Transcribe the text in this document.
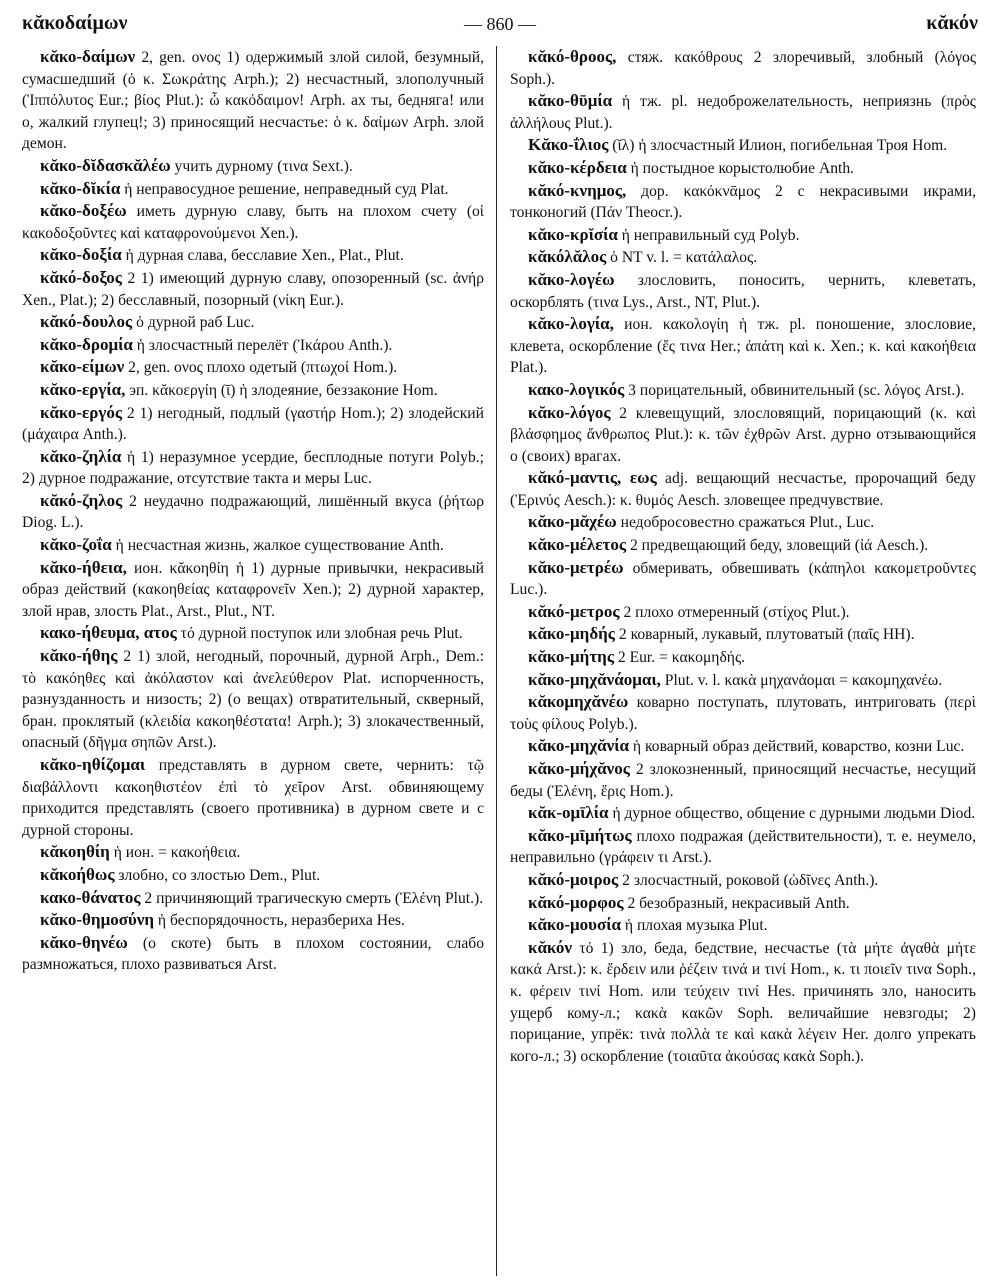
κᾰκοδαίμων	— 860 —	κᾰκόν

κᾰκο-δαίμων 2, gen. ονος 1) одержимый злой силой, безумный, сумасшедший (ὁ κ. Σωκράτης Arph.); 2) несчастный, злополучный (Ἱππόλυτος Eur.; βίος Plut.): ὦ κακόδαιμον! Arph. ах ты, бедняга! или о, жалкий глупец!; 3) приносящий несчастье: ὁ κ. δαίμων Arph. злой демон.

κᾰκο-δῐδασκᾰλέω учить дурному (τινα Sext.).

κᾰκο-δῐκία ἡ неправосудное решение, неправедный суд Plat.

κᾰκο-δοξέω иметь дурную славу, быть на плохом счету (οἱ κακοδοξοῦντες καὶ καταφρονούμενοι Xen.).

κᾰκο-δοξία ἡ дурная слава, бесславие Xen., Plat., Plut.

κᾰκό-δοξος 2 1) имеющий дурную славу, опозоренный (sc. ἀνήρ Xen., Plat.); 2) бесславный, позорный (νίκη Eur.).

κᾰκό-δουλος ὁ дурной раб Luc.

κᾰκο-δρομία ἡ злосчастный перелёт (Ἰκάρου Anth.).

κᾰκο-είμων 2, gen. ονος плохо одетый (πτωχοί Hom.).

κᾰκο-εργία, эп. κᾰκοεργίη (ῑ) ἡ злодеяние, беззаконие Hom.

κᾰκο-εργός 2 1) негодный, подлый (γαστήρ Hom.); 2) злодейский (μάχαιρα Anth.).

κᾰκο-ζηλία ἡ 1) неразумное усердие, бесплодные потуги Polyb.; 2) дурное подражание, отсутствие такта и меры Luc.

κᾰκό-ζηλος 2 неудачно подражающий, лишённый вкуса (ῥήτωρ Diog. L.).

κᾰκο-ζοΐα ἡ несчастная жизнь, жалкое существование Anth.

κᾰκο-ήθεια, ион. κᾰκοηθίη ἡ 1) дурные привычки, некрасивый образ действий (κακοηθείας καταφρονεῖν Xen.); 2) дурной характер, злой нрав, злость Plat., Arst., Plut., NT.

κακο-ήθευμα, ατος τό дурной поступок или злобная речь Plut.

κᾰκο-ήθης 2 1) злой, негодный, порочный, дурной Arph., Dem.: τὸ κακόηθες καὶ ἀκόλαστον καὶ ἀνελεύθερον Plat. испорченность, разнузданность и низость; 2) (о вещах) отвратительный, скверный, бран. проклятый (κλειδία κακοηθέστατα! Arph.); 3) злокачественный, опасный (δῆγμα σηπῶν Arst.).

κᾰκο-ηθίζομαι представлять в дурном свете, чернить: τῷ διαβάλλοντι κακοηθιστέον ἐπὶ τὸ χεῖρον Arst. обвиняющему приходится представлять (своего противника) в дурном свете и с дурной стороны.

κᾰκοηθίη ἡ ион. = κακοήθεια.

κᾰκοήθως злобно, со злостью Dem., Plut.

κακο-θάνατος 2 причиняющий трагическую смерть (Ἑλένη Plut.).

κᾰκο-θημοσύνη ἡ беспорядочность, неразбериха Hes.

κᾰκο-θηνέω (о скоте) быть в плохом состоянии, слабо размножаться, плохо развиваться Arst.

κᾰκό-θροος, стяж. κακόθρους 2 злоречивый, злобный (λόγος Soph.).

κᾰκο-θῡμία ἡ тж. pl. недоброжелательность, неприязнь (πρὸς ἀλλήλους Plut.).

Κᾰκο-ΐλιος (ῐλ) ἡ злосчастный Илион, погибельная Троя Hom.

κᾰκο-κέρδεια ἡ постыдное корыстолюбие Anth.

κᾰκό-κνημος, дор. κακόκνᾱμος 2 с некрасивыми икрами, тонконогий (Πάν Theocr.).

κᾰκο-κρῐσία ἡ неправильный суд Polyb.

κᾰκόλᾰλος ὁ NT v. l. = κατάλαλος.

κᾰκο-λογέω злословить, поносить, чернить, клеветать, оскорблять (τινα Lys., Arst., NT, Plut.).

κᾰκο-λογία, ион. κακολογίη ἡ тж. pl. поношение, злословие, клевета, оскорбление (ἔς τινα Her.; ἀπάτη καὶ κ. Xen.; κ. καὶ κακοήθεια Plat.).

κακο-λογικός 3 порицательный, обвинительный (sc. λόγος Arst.).

κᾰκο-λόγος 2 клевещущий, злословящий, порицающий (κ. καὶ βλάσφημος ἄνθρωπος Plut.): κ. τῶν ἐχθρῶν Arst. дурно отзывающийся о (своих) врагах.

κᾰκό-μαντις, εως adj. вещающий несчастье, пророчащий беду (Ἐρινύς Aesch.): κ. θυμός Aesch. зловещее предчувствие.

κᾰκο-μᾰχέω недобросовестно сражаться Plut., Luc.

κᾰκο-μέλετος 2 предвещающий беду, зловещий (ἰά Aesch.).

κᾰκο-μετρέω обмеривать, обвешивать (κάπηλοι κακομετροῦντες Luc.).

κᾰκό-μετρος 2 плохо отмеренный (στίχος Plut.).

κᾰκο-μηδής 2 коварный, лукавый, плутоватый (παῖς HH).

κᾰκο-μήτης 2 Eur. = κακομηδής.

κᾰκο-μηχᾰνάομαι, Plut. v. l. κακὰ μηχανάομαι = κακομηχανέω.

κᾰκομηχᾰνέω коварно поступать, плутовать, интриговать (περὶ τοὺς φίλους Polyb.).

κᾰκο-μηχᾰνία ἡ коварный образ действий, коварство, козни Luc.

κᾰκο-μήχᾰνος 2 злокозненный, приносящий несчастье, несущий беды (Ἑλένη, ἔρις Hom.).

κᾰκ-ομῑλία ἡ дурное общество, общение с дурными людьми Diod.

κᾰκο-μῑμήτως плохо подражая (действительности), т. е. неумело, неправильно (γράφειν τι Arst.).

κᾰκό-μοιρος 2 злосчастный, роковой (ὠδῖνες Anth.).

κᾰκό-μορφος 2 безобразный, некрасивый Anth.

κᾰκο-μουσία ἡ плохая музыка Plut.

κᾰκόν τό 1) зло, беда, бедствие, несчастье (τὰ μήτε ἀγαθὰ μήτε κακά Arst.): κ. ἔρδειν или ῥέζειν τινά и τινί Hom., κ. τι ποιεῖν τινα Soph., κ. φέρειν τινί Hom. или τεύχειν τινί Hes. причинять зло, наносить ущерб кому-л.; κακὰ κακῶν Soph. величайшие невзгоды; 2) порицание, упрёк: τινὰ πολλὰ τε καὶ κακὰ λέγειν Her. долго упрекать кого-л.; 3) оскорбление (τοιαῦτα ἀκούσας κακὰ Soph.).
